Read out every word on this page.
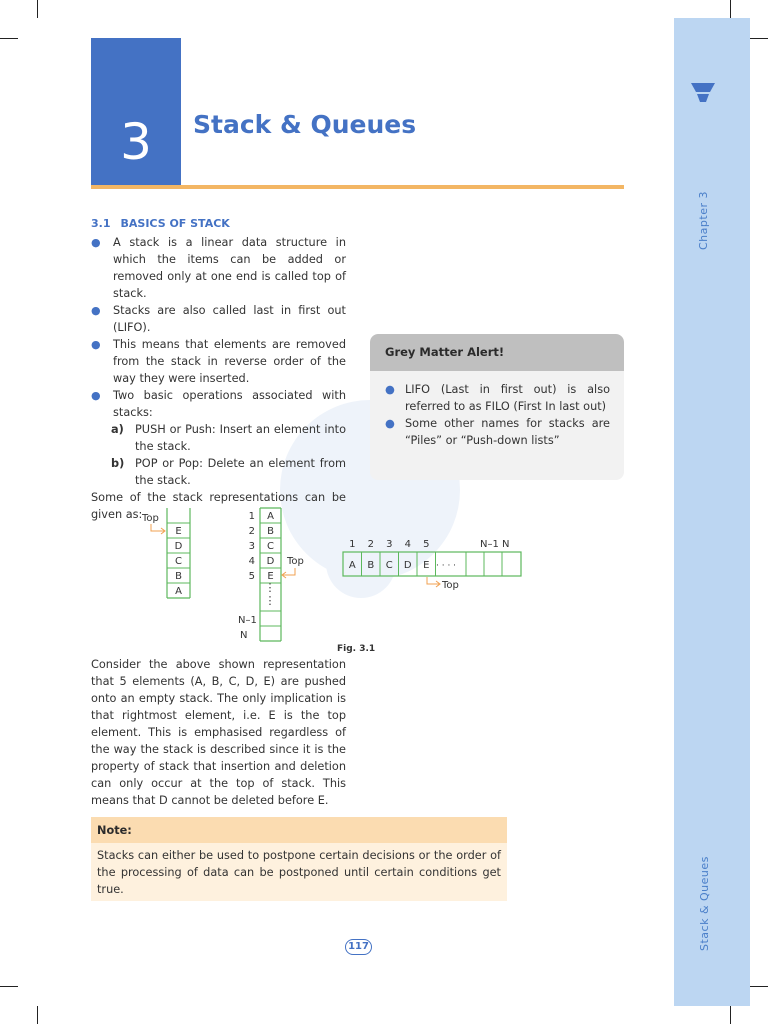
Chapter 3
Stack & Queues
3	Stack & Queues
3.1 BASICS OF STACK
● A stack is a linear data structure in which the items can be added or removed only at one end is called top of stack.
● Stacks are also called last in first out (LIFO).
● This means that elements are removed from the stack in reverse order of the way they were inserted.
● Two basic operations associated with stacks:
a) PUSH or Push: Insert an element into the stack.
b) POP or Pop: Delete an element from the stack.
Some of the stack representations can be given as:
Grey Matter Alert!
● LIFO (Last in first out) is also referred to as FILO (First In last out)
● Some other names for stacks are “Piles” or “Push-down lists”
Top
E
D
C
B
A
A
1
B
2
C
3
D
4
E
5
⋮
⋮
N–1
N
Top
1 2 3 4 5	N–1 N
A B C D E · · · ·
Top
Fig. 3.1
Consider the above shown representation that 5 elements (A, B, C, D, E) are pushed onto an empty stack. The only implication is that rightmost element, i.e. E is the top element. This is emphasised regardless of the way the stack is described since it is the property of stack that insertion and deletion can only occur at the top of stack. This means that D cannot be deleted before E.
Note:
Stacks can either be used to postpone certain decisions or the order of the processing of data can be postponed until certain conditions get true.
117
